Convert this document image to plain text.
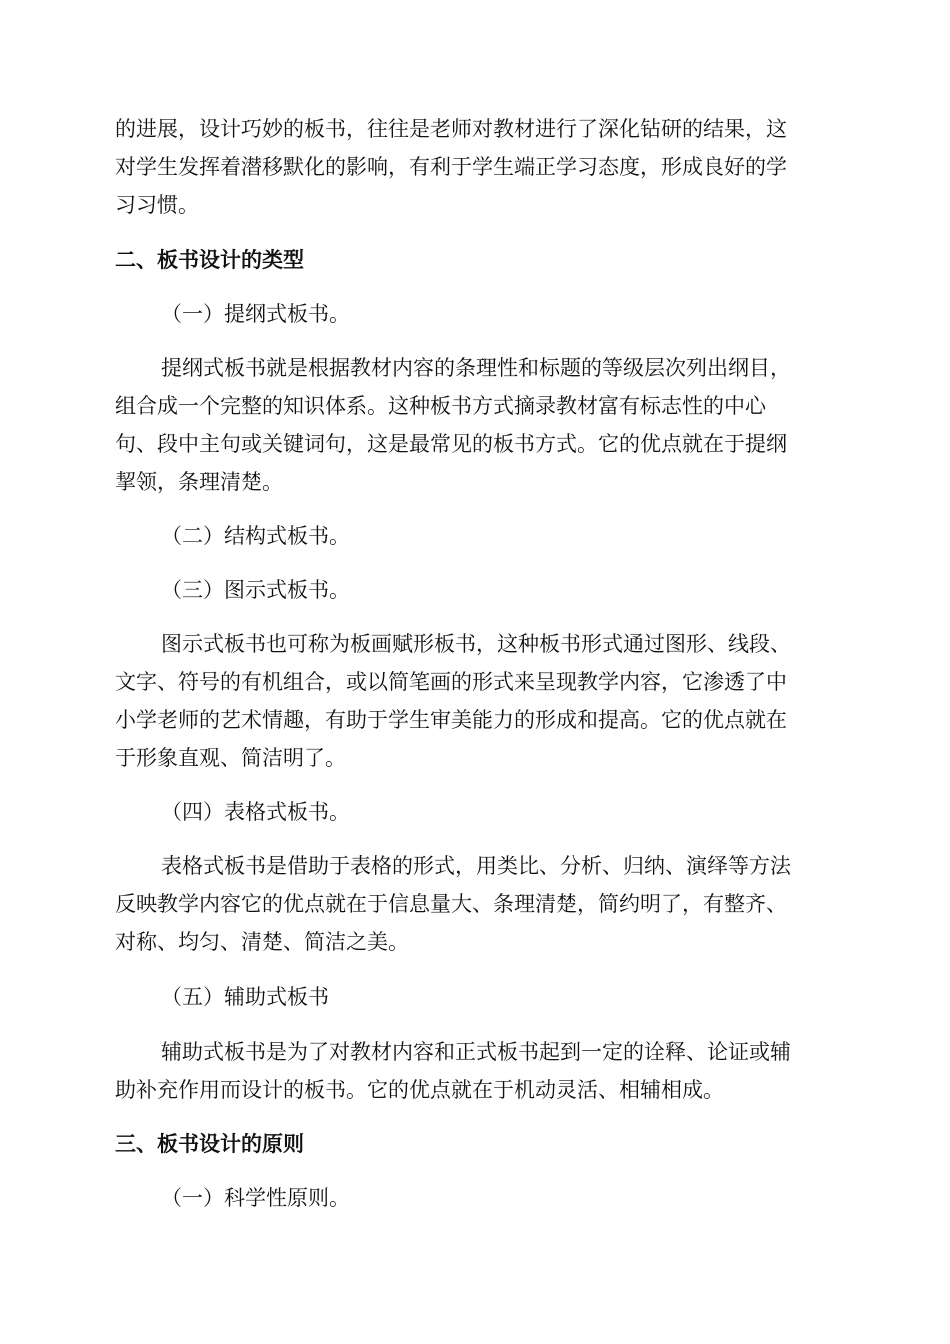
的进展，设计巧妙的板书，往往是老师对教材进行了深化钻研的结果，这
对学生发挥着潜移默化的影响，有利于学生端正学习态度，形成良好的学
习习惯。
二、板书设计的类型
（一）提纲式板书。
提纲式板书就是根据教材内容的条理性和标题的等级层次列出纲目，
组合成一个完整的知识体系。这种板书方式摘录教材富有标志性的中心
句、段中主句或关键词句，这是最常见的板书方式。它的优点就在于提纲
挈领，条理清楚。
（二）结构式板书。
（三）图示式板书。
图示式板书也可称为板画赋形板书，这种板书形式通过图形、线段、
文字、符号的有机组合，或以简笔画的形式来呈现教学内容，它渗透了中
小学老师的艺术情趣，有助于学生审美能力的形成和提高。它的优点就在
于形象直观、简洁明了。
（四）表格式板书。
表格式板书是借助于表格的形式，用类比、分析、归纳、演绎等方法
反映教学内容它的优点就在于信息量大、条理清楚，简约明了，有整齐、
对称、均匀、清楚、简洁之美。
（五）辅助式板书
辅助式板书是为了对教材内容和正式板书起到一定的诠释、论证或辅
助补充作用而设计的板书。它的优点就在于机动灵活、相辅相成。
三、板书设计的原则
（一）科学性原则。
